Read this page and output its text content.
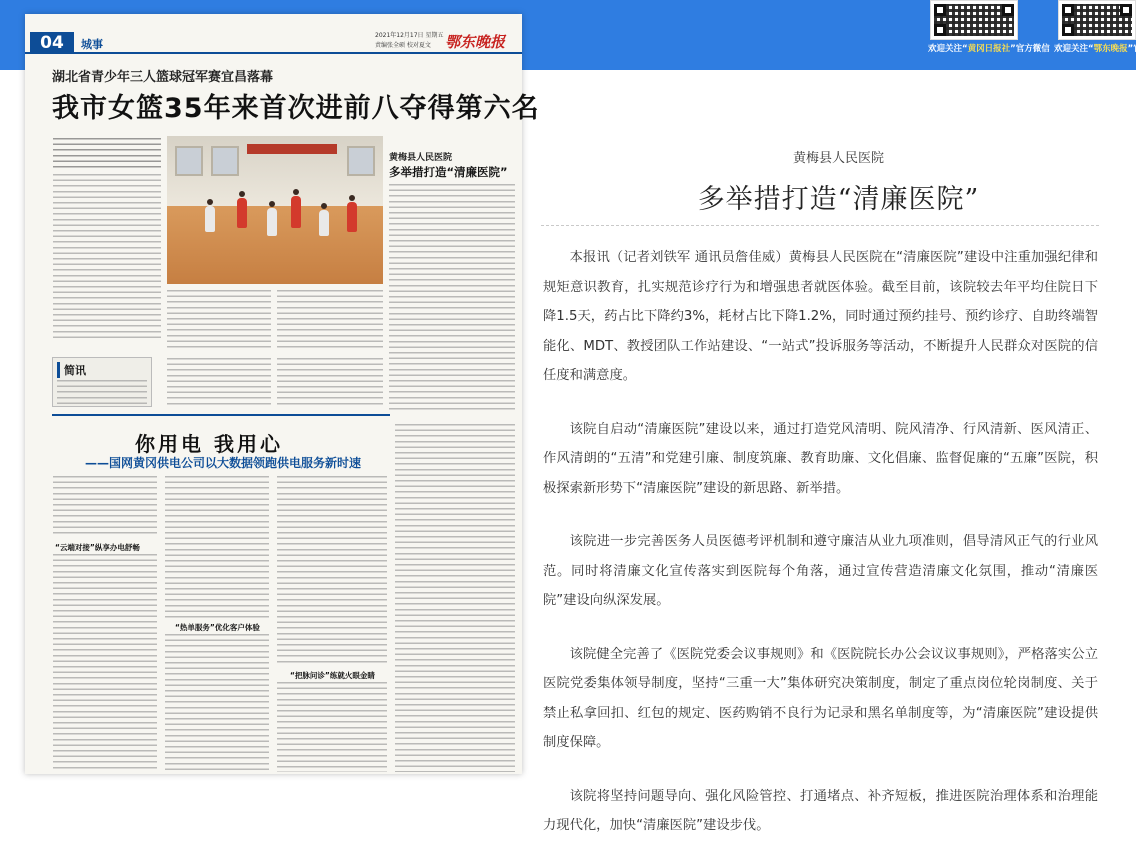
欢迎关注“黄冈日报社”官方微信 欢迎关注“鄂东晚报”官
04	城事
2021年12月17日 星期五
责编张全硕 校对夏文 鄂东晚报
湖北省青少年三人篮球冠军赛宜昌落幕
我市女篮35年来首次进前八夺得第六名
黄梅县人民医院
多举措打造“清廉医院”
简讯
你用电 我用心
——国网黄冈供电公司以大数据领跑供电服务新时速
“云端对接”纵享办电舒畅
“热单服务”优化客户体验
“把脉问诊”练就火眼金睛
黄梅县人民医院
多举措打造“清廉医院”

本报讯（记者刘铁军 通讯员詹佳威）黄梅县人民医院在“清廉医院”建设中注重加强纪律和规矩意识教育，扎实规范诊疗行为和增强患者就医体验。截至目前，该院较去年平均住院日下降1.5天，药占比下降约3%，耗材占比下降1.2%，同时通过预约挂号、预约诊疗、自助终端智能化、MDT、教授团队工作站建设、“一站式”投诉服务等活动，不断提升人民群众对医院的信任度和满意度。

该院自启动“清廉医院”建设以来，通过打造党风清明、院风清净、行风清新、医风清正、作风清朗的“五清”和党建引廉、制度筑廉、教育助廉、文化倡廉、监督促廉的“五廉”医院，积极探索新形势下“清廉医院”建设的新思路、新举措。

该院进一步完善医务人员医德考评机制和遵守廉洁从业九项准则，倡导清风正气的行业风范。同时将清廉文化宣传落实到医院每个角落，通过宣传营造清廉文化氛围，推动“清廉医院”建设向纵深发展。

该院健全完善了《医院党委会议事规则》和《医院院长办公会议议事规则》，严格落实公立医院党委集体领导制度，坚持“三重一大”集体研究决策制度，制定了重点岗位轮岗制度、关于禁止私拿回扣、红包的规定、医药购销不良行为记录和黑名单制度等，为“清廉医院”建设提供制度保障。

该院将坚持问题导向、强化风险管控、打通堵点、补齐短板，推进医院治理体系和治理能力现代化，加快“清廉医院”建设步伐。
